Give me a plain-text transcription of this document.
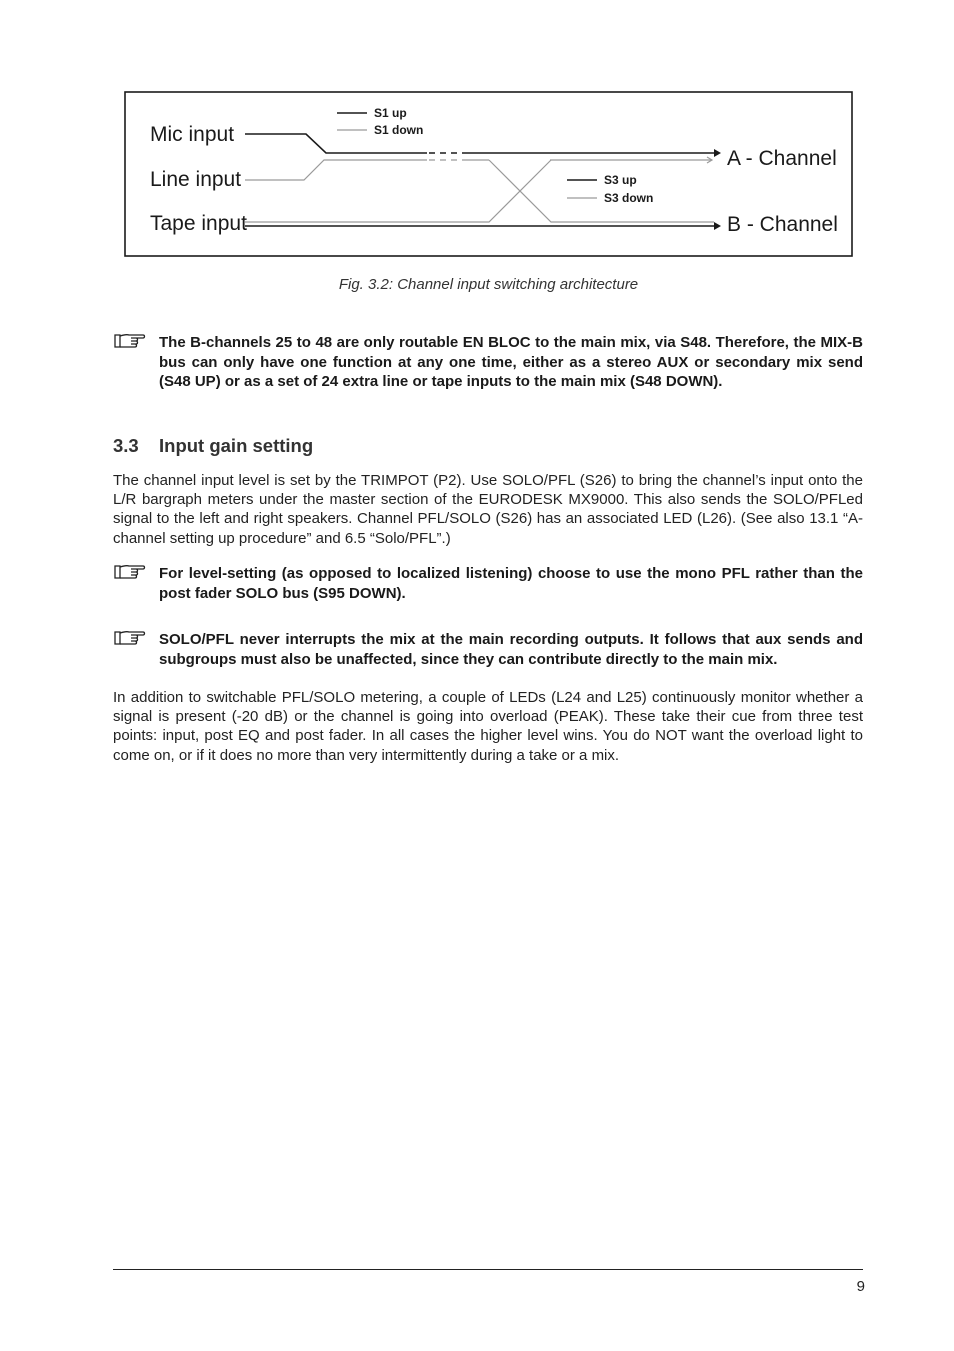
Mic input
Line input
Tape input
A - Channel
B - Channel
S1 up
S1 down
S3 up
S3 down
Fig. 3.2: Channel input switching architecture
The B-channels 25 to 48 are only routable EN BLOC to the main mix, via S48. Therefore, the MIX-B bus can only have one function at any one time, either as a stereo AUX or secondary mix send (S48 UP) or as a set of 24 extra line or tape inputs to the main mix (S48 DOWN).
3.3 Input gain setting
The channel input level is set by the TRIMPOT (P2). Use SOLO/PFL (S26) to bring the channel’s input onto the L/R bargraph meters under the master section of the EURODESK MX9000. This also sends the SOLO/PFLed signal to the left and right speakers. Channel PFL/SOLO (S26) has an associated LED (L26). (See also 13.1 “A-channel setting up procedure” and 6.5 “Solo/PFL”.)
For level-setting (as opposed to localized listening) choose to use the mono PFL rather than the post fader SOLO bus (S95 DOWN).
SOLO/PFL never interrupts the mix at the main recording outputs. It follows that aux sends and subgroups must also be unaffected, since they can contribute directly to the main mix.
In addition to switchable PFL/SOLO metering, a couple of LEDs (L24 and L25) continuously monitor whether a signal is present (-20 dB) or the channel is going into overload (PEAK). These take their cue from three test points: input, post EQ and post fader. In all cases the higher level wins. You do NOT want the overload light to come on, or if it does no more than very intermittently during a take or a mix.
9
